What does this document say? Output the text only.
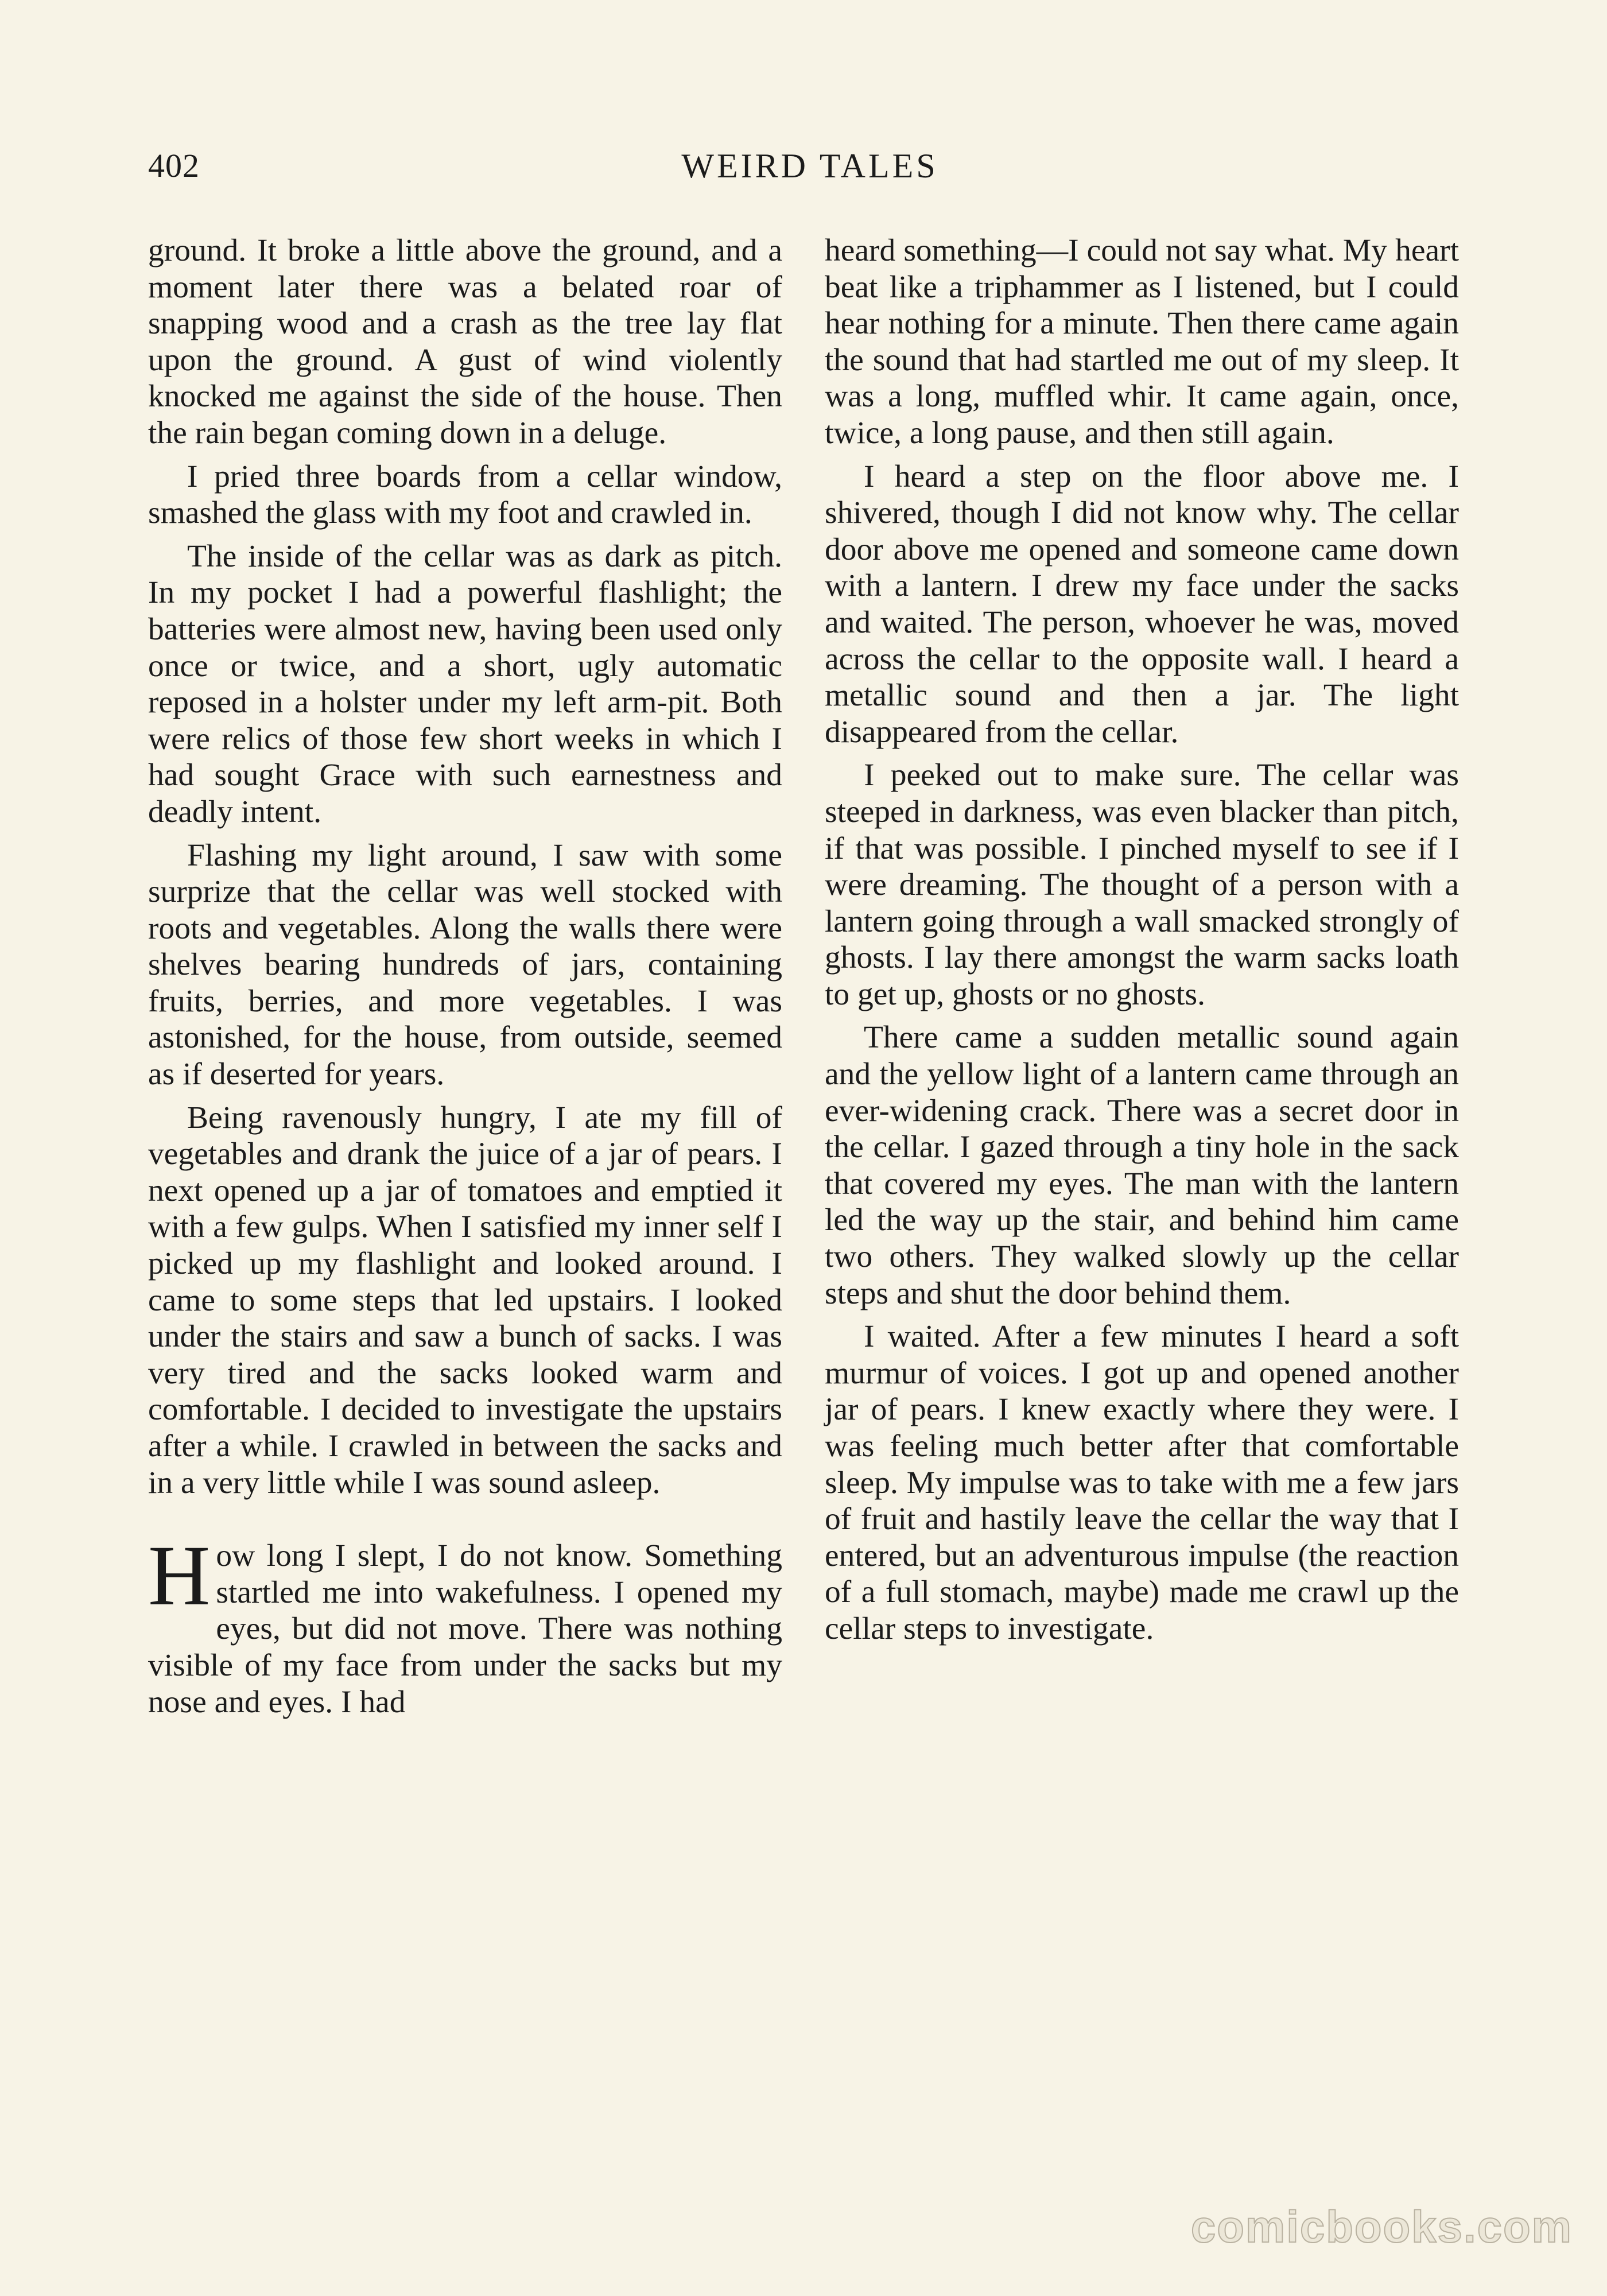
402	WEIRD TALES

ground. It broke a little above the ground, and a moment later there was a belated roar of snapping wood and a crash as the tree lay flat upon the ground. A gust of wind violently knocked me against the side of the house. Then the rain began coming down in a deluge.

I pried three boards from a cellar window, smashed the glass with my foot and crawled in.

The inside of the cellar was as dark as pitch. In my pocket I had a powerful flashlight; the batteries were almost new, having been used only once or twice, and a short, ugly automatic reposed in a holster under my left arm-pit. Both were relics of those few short weeks in which I had sought Grace with such earnestness and deadly intent.

Flashing my light around, I saw with some surprize that the cellar was well stocked with roots and vegetables. Along the walls there were shelves bearing hundreds of jars, containing fruits, berries, and more vegetables. I was astonished, for the house, from outside, seemed as if deserted for years.

Being ravenously hungry, I ate my fill of vegetables and drank the juice of a jar of pears. I next opened up a jar of tomatoes and emptied it with a few gulps. When I satisfied my inner self I picked up my flashlight and looked around. I came to some steps that led upstairs. I looked under the stairs and saw a bunch of sacks. I was very tired and the sacks looked warm and comfortable. I decided to investigate the upstairs after a while. I crawled in between the sacks and in a very little while I was sound asleep.

How long I slept, I do not know. Something startled me into wakefulness. I opened my eyes, but did not move. There was nothing visible of my face from under the sacks but my nose and eyes. I had

heard something—I could not say what. My heart beat like a triphammer as I listened, but I could hear nothing for a minute. Then there came again the sound that had startled me out of my sleep. It was a long, muffled whir. It came again, once, twice, a long pause, and then still again.

I heard a step on the floor above me. I shivered, though I did not know why. The cellar door above me opened and someone came down with a lantern. I drew my face under the sacks and waited. The person, whoever he was, moved across the cellar to the opposite wall. I heard a metallic sound and then a jar. The light disappeared from the cellar.

I peeked out to make sure. The cellar was steeped in darkness, was even blacker than pitch, if that was possible. I pinched myself to see if I were dreaming. The thought of a person with a lantern going through a wall smacked strongly of ghosts. I lay there amongst the warm sacks loath to get up, ghosts or no ghosts.

There came a sudden metallic sound again and the yellow light of a lantern came through an ever-widening crack. There was a secret door in the cellar. I gazed through a tiny hole in the sack that covered my eyes. The man with the lantern led the way up the stair, and behind him came two others. They walked slowly up the cellar steps and shut the door behind them.

I waited. After a few minutes I heard a soft murmur of voices. I got up and opened another jar of pears. I knew exactly where they were. I was feeling much better after that comfortable sleep. My impulse was to take with me a few jars of fruit and hastily leave the cellar the way that I entered, but an adventurous impulse (the reaction of a full stomach, maybe) made me crawl up the cellar steps to investigate.

comicbooks.com
